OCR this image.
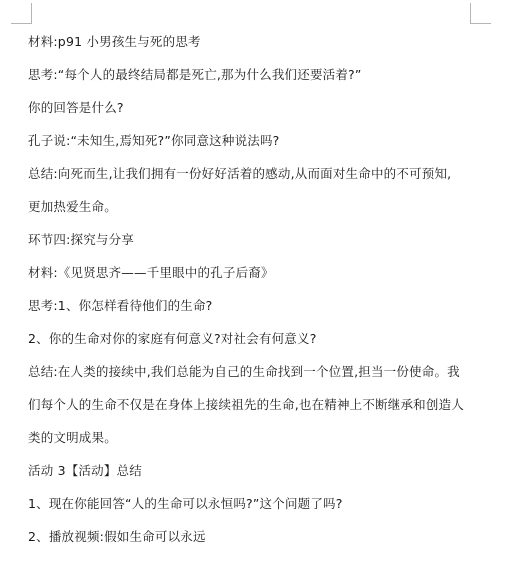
材料:p91 小男孩生与死的思考
思考:“每个人的最终结局都是死亡,那为什么我们还要活着?”
你的回答是什么?
孔子说:“未知生,焉知死?”你同意这种说法吗?
总结:向死而生,让我们拥有一份好好活着的感动,从而面对生命中的不可预知,
更加热爱生命。
环节四:探究与分享
材料:《见贤思齐——千里眼中的孔子后裔》
思考:1、你怎样看待他们的生命?
2、你的生命对你的家庭有何意义?对社会有何意义?
总结:在人类的接续中,我们总能为自己的生命找到一个位置,担当一份使命。我
们每个人的生命不仅是在身体上接续祖先的生命,也在精神上不断继承和创造人
类的文明成果。
活动 3【活动】总结
1、现在你能回答“人的生命可以永恒吗?”这个问题了吗?
2、播放视频:假如生命可以永远
